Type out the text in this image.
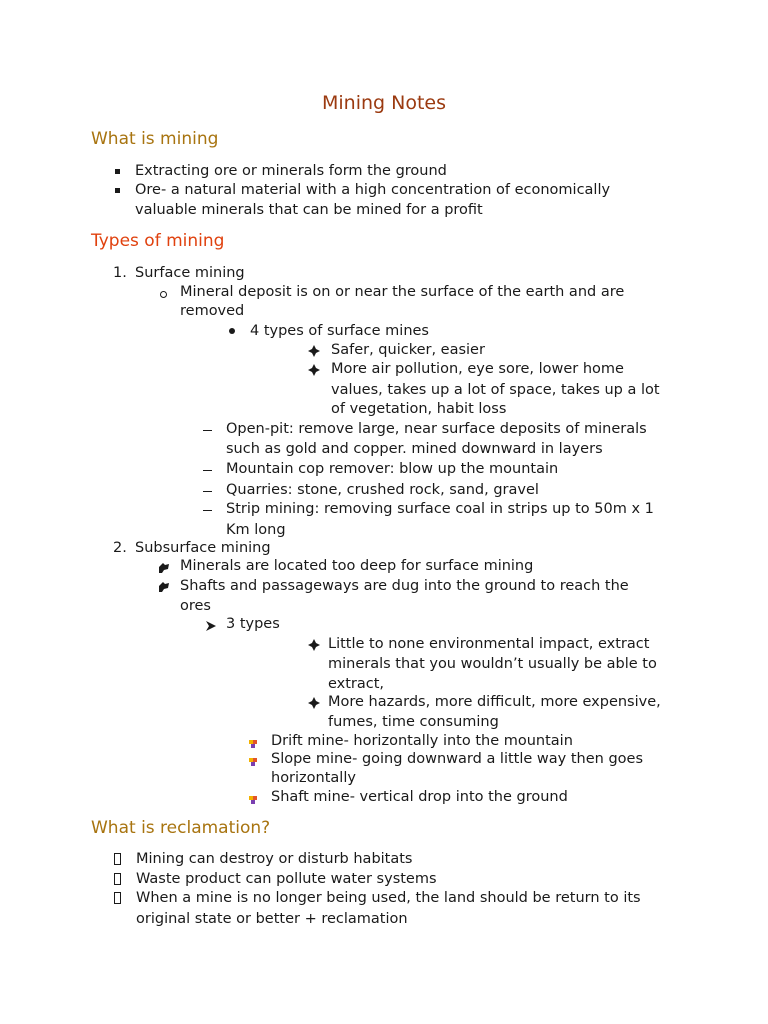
Mining Notes
What is mining
Extracting ore or minerals form the ground
Ore- a natural material with a high concentration of economically
valuable minerals that can be mined for a profit
Types of mining
1. Surface mining
Mineral deposit is on or near the surface of the earth and are
removed
4 types of surface mines
Safer, quicker, easier
More air pollution, eye sore, lower home
values, takes up a lot of space, takes up a lot
of vegetation, habit loss
Open-pit: remove large, near surface deposits of minerals
such as gold and copper. mined downward in layers
Mountain cop remover: blow up the mountain
Quarries: stone, crushed rock, sand, gravel
Strip mining: removing surface coal in strips up to 50m x 1
Km long
2. Subsurface mining
Minerals are located too deep for surface mining
Shafts and passageways are dug into the ground to reach the
ores
3 types
Little to none environmental impact, extract
minerals that you wouldn’t usually be able to
extract,
More hazards, more difficult, more expensive,
fumes, time consuming
Drift mine- horizontally into the mountain
Slope mine- going downward a little way then goes
horizontally
Shaft mine- vertical drop into the ground
What is reclamation?
Mining can destroy or disturb habitats
Waste product can pollute water systems
When a mine is no longer being used, the land should be return to its
original state or better + reclamation
